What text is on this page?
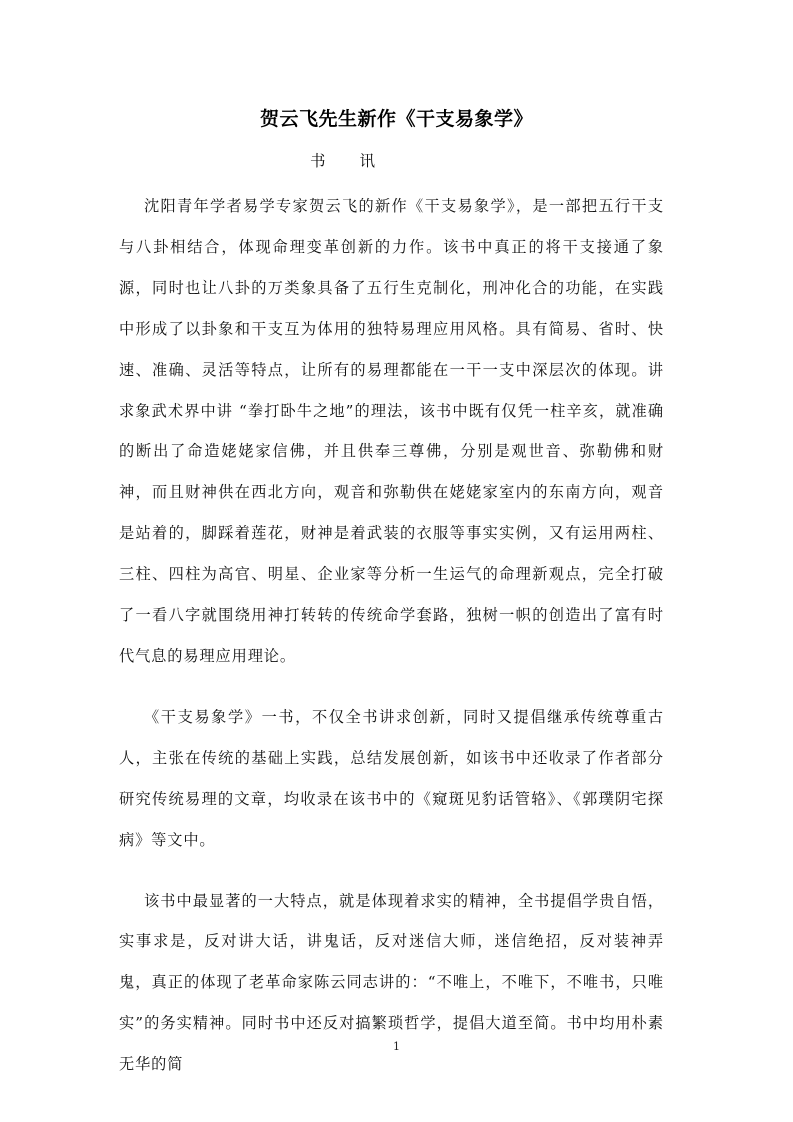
贺云飞先生新作《干支易象学》
书 讯

沈阳青年学者易学专家贺云飞的新作《干支易象学》，是一部把五行干支与八卦相结合，体现命理变革创新的力作。该书中真正的将干支接通了象源，同时也让八卦的万类象具备了五行生克制化，刑冲化合的功能，在实践中形成了以卦象和干支互为体用的独特易理应用风格。具有简易、省时、快速、准确、灵活等特点，让所有的易理都能在一干一支中深层次的体现。讲求象武术界中讲 “拳打卧牛之地”的理法，该书中既有仅凭一柱辛亥，就准确的断出了命造姥姥家信佛，并且供奉三尊佛，分别是观世音、弥勒佛和财神，而且财神供在西北方向，观音和弥勒供在姥姥家室内的东南方向，观音是站着的，脚踩着莲花，财神是着武装的衣服等事实实例，又有运用两柱、三柱、四柱为高官、明星、企业家等分析一生运气的命理新观点，完全打破了一看八字就围绕用神打转转的传统命学套路，独树一帜的创造出了富有时代气息的易理应用理论。

《干支易象学》一书，不仅全书讲求创新，同时又提倡继承传统尊重古人，主张在传统的基础上实践，总结发展创新，如该书中还收录了作者部分研究传统易理的文章，均收录在该书中的《窥斑见豹话管辂》、《郭璞阴宅探病》等文中。

该书中最显著的一大特点，就是体现着求实的精神，全书提倡学贵自悟，实事求是，反对讲大话，讲鬼话，反对迷信大师，迷信绝招，反对装神弄鬼，真正的体现了老革命家陈云同志讲的：“不唯上，不唯下，不唯书，只唯实”的务实精神。同时书中还反对搞繁琐哲学，提倡大道至简。书中均用朴素无华的简

1
